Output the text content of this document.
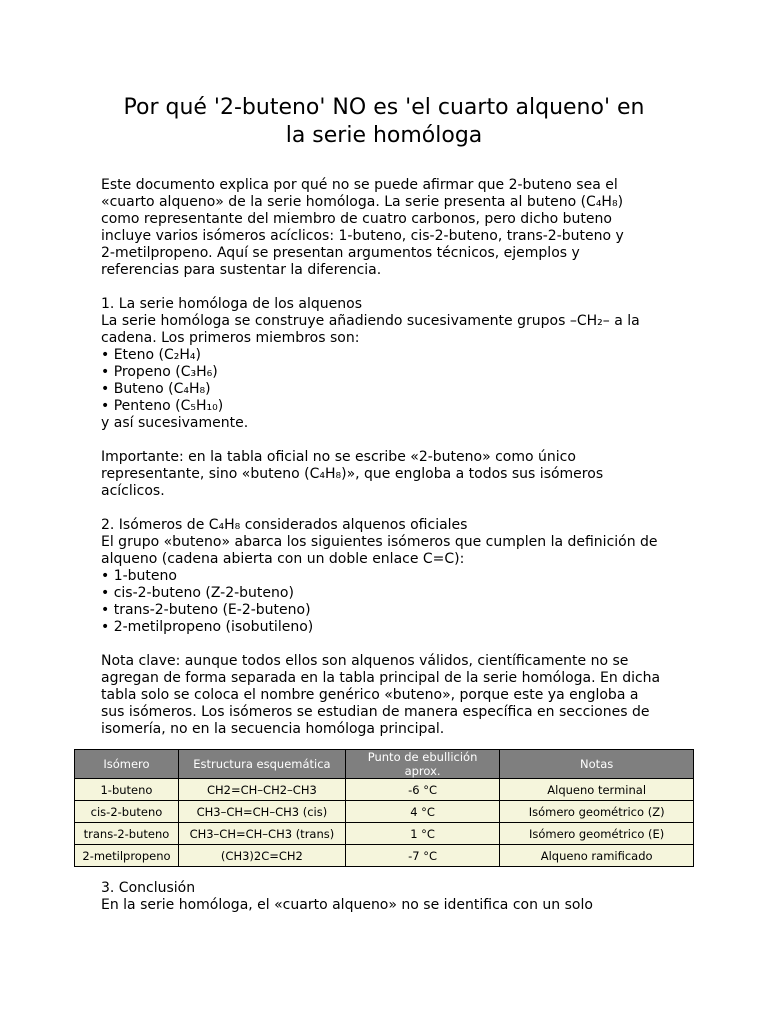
Por qué '2-buteno' NO es 'el cuarto alqueno' en
la serie homóloga
Este documento explica por qué no se puede afirmar que 2-buteno sea el
«cuarto alqueno» de la serie homóloga. La serie presenta al buteno (C₄H₈)
como representante del miembro de cuatro carbonos, pero dicho buteno
incluye varios isómeros acíclicos: 1-buteno, cis-2-buteno, trans-2-buteno y
2-metilpropeno. Aquí se presentan argumentos técnicos, ejemplos y
referencias para sustentar la diferencia.
1. La serie homóloga de los alquenos
La serie homóloga se construye añadiendo sucesivamente grupos –CH₂– a la
cadena. Los primeros miembros son:
• Eteno (C₂H₄)
• Propeno (C₃H₆)
• Buteno (C₄H₈)
• Penteno (C₅H₁₀)
y así sucesivamente.
Importante: en la tabla oficial no se escribe «2-buteno» como único
representante, sino «buteno (C₄H₈)», que engloba a todos sus isómeros
acíclicos.
2. Isómeros de C₄H₈ considerados alquenos oficiales
El grupo «buteno» abarca los siguientes isómeros que cumplen la definición de
alqueno (cadena abierta con un doble enlace C=C):
• 1-buteno
• cis-2-buteno (Z-2-buteno)
• trans-2-buteno (E-2-buteno)
• 2-metilpropeno (isobutileno)
Nota clave: aunque todos ellos son alquenos válidos, científicamente no se
agregan de forma separada en la tabla principal de la serie homóloga. En dicha
tabla solo se coloca el nombre genérico «buteno», porque este ya engloba a
sus isómeros. Los isómeros se estudian de manera específica en secciones de
isomería, no en la secuencia homóloga principal.
Isómero	Estructura esquemática	Punto de ebullición aprox.	Notas
1-buteno	CH2=CH–CH2–CH3	-6 °C	Alqueno terminal
cis-2-buteno	CH3–CH=CH–CH3 (cis)	4 °C	Isómero geométrico (Z)
trans-2-buteno	CH3–CH=CH–CH3 (trans)	1 °C	Isómero geométrico (E)
2-metilpropeno	(CH3)2C=CH2	-7 °C	Alqueno ramificado
3. Conclusión
En la serie homóloga, el «cuarto alqueno» no se identifica con un solo
